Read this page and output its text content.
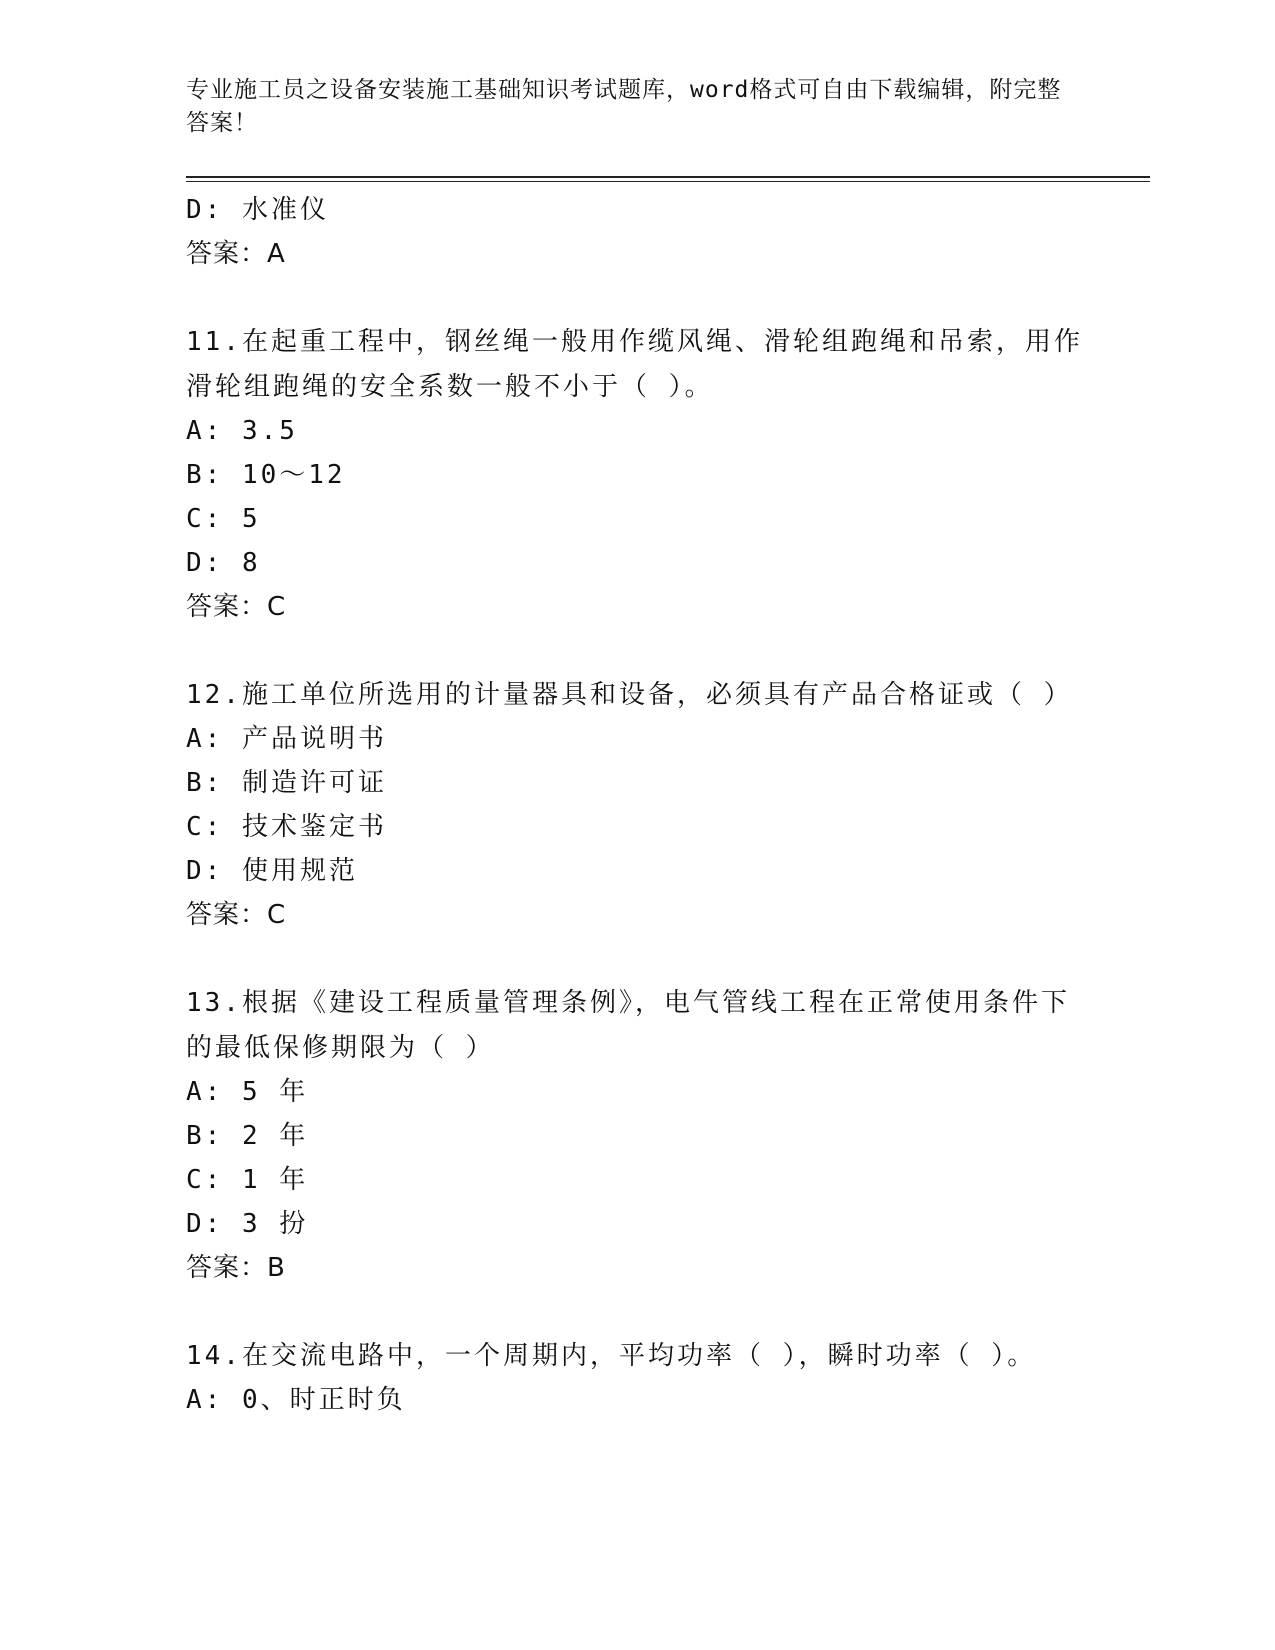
专业施工员之设备安装施工基础知识考试题库，word格式可自由下载编辑，附完整答案！
D: 水准仪
答案：A
11.在起重工程中，钢丝绳一般用作缆风绳、滑轮组跑绳和吊索，用作
滑轮组跑绳的安全系数一般不小于（ ）。
A: 3.5
B: 10～12
C: 5
D: 8
答案：C
12.施工单位所选用的计量器具和设备，必须具有产品合格证或（ ）
A: 产品说明书
B: 制造许可证
C: 技术鉴定书
D: 使用规范
答案：C
13.根据《建设工程质量管理条例》，电气管线工程在正常使用条件下
的最低保修期限为（ ）
A: 5 年
B: 2 年
C: 1 年
D: 3 扮
答案：B
14.在交流电路中，一个周期内，平均功率（ ），瞬时功率（ ）。
A: 0、时正时负
